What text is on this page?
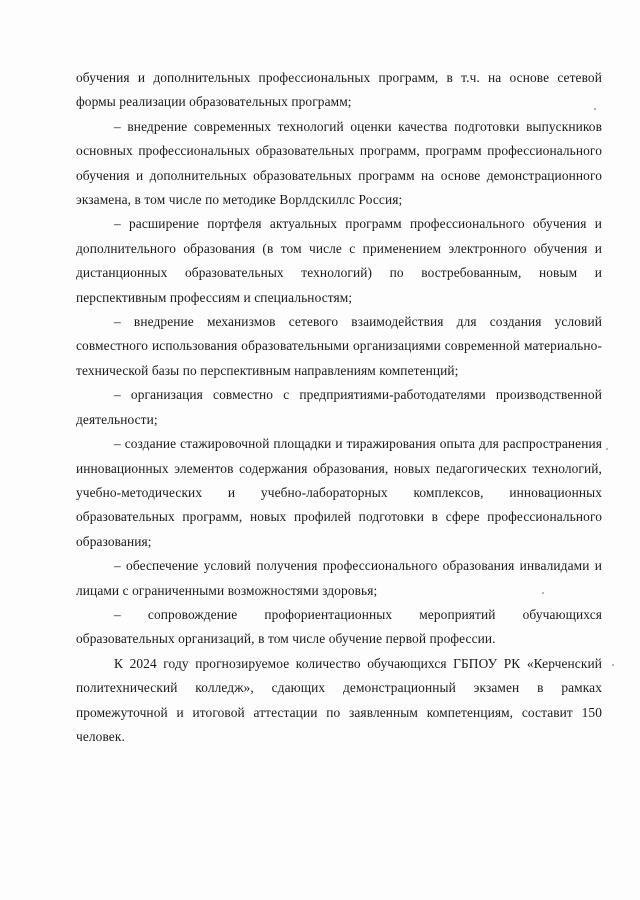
обучения и дополнительных профессиональных программ, в т.ч. на основе сетевой формы реализации образовательных программ;

– внедрение современных технологий оценки качества подготовки выпускников основных профессиональных образовательных программ, программ профессионального обучения и дополнительных образовательных программ на основе демонстрационного экзамена, в том числе по методике Ворлдскиллс Россия;

– расширение портфеля актуальных программ профессионального обучения и дополнительного образования (в том числе с применением электронного обучения и дистанционных образовательных технологий) по востребованным, новым и перспективным профессиям и специальностям;

– внедрение механизмов сетевого взаимодействия для создания условий совместного использования образовательными организациями современной материально-технической базы по перспективным направлениям компетенций;

– организация совместно с предприятиями-работодателями производственной деятельности;

– создание стажировочной площадки и тиражирования опыта для распространения инновационных элементов содержания образования, новых педагогических технологий, учебно-методических и учебно-лабораторных комплексов, инновационных образовательных программ, новых профилей подготовки в сфере профессионального образования;

– обеспечение условий получения профессионального образования инвалидами и лицами с ограниченными возможностями здоровья;

– сопровождение профориентационных мероприятий обучающихся образовательных организаций, в том числе обучение первой профессии.

К 2024 году прогнозируемое количество обучающихся ГБПОУ РК «Керченский политехнический колледж», сдающих демонстрационный экзамен в рамках промежуточной и итоговой аттестации по заявленным компетенциям, составит 150 человек.
